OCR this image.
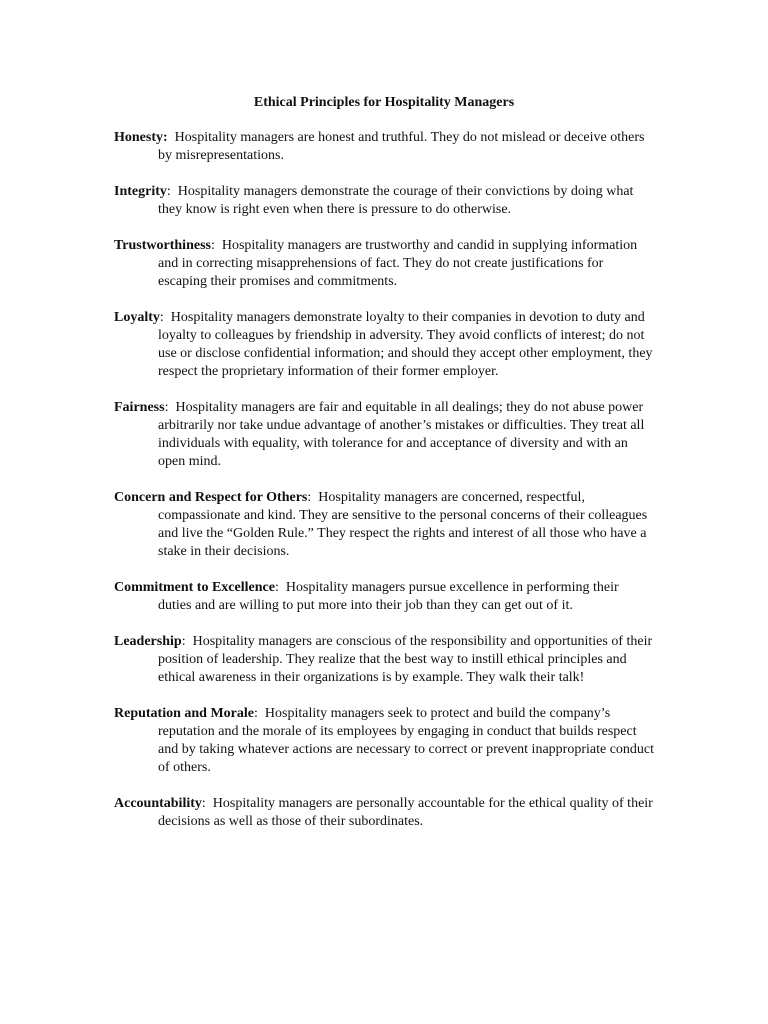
Ethical Principles for Hospitality Managers
Honesty: Hospitality managers are honest and truthful. They do not mislead or deceive others by misrepresentations.
Integrity:  Hospitality managers demonstrate the courage of their convictions by doing what they know is right even when there is pressure to do otherwise.
Trustworthiness:  Hospitality managers are trustworthy and candid in supplying information and in correcting misapprehensions of fact. They do not create justifications for escaping their promises and commitments.
Loyalty:  Hospitality managers demonstrate loyalty to their companies in devotion to duty and loyalty to colleagues by friendship in adversity. They avoid conflicts of interest; do not use or disclose confidential information; and should they accept other employment, they respect the proprietary information of their former employer.
Fairness:  Hospitality managers are fair and equitable in all dealings; they do not abuse power arbitrarily nor take undue advantage of another’s mistakes or difficulties. They treat all individuals with equality, with tolerance for and acceptance of diversity and with an open mind.
Concern and Respect for Others:  Hospitality managers are concerned, respectful, compassionate and kind. They are sensitive to the personal concerns of their colleagues and live the “Golden Rule.” They respect the rights and interest of all those who have a stake in their decisions.
Commitment to Excellence:  Hospitality managers pursue excellence in performing their duties and are willing to put more into their job than they can get out of it.
Leadership:  Hospitality managers are conscious of the responsibility and opportunities of their position of leadership. They realize that the best way to instill ethical principles and ethical awareness in their organizations is by example. They walk their talk!
Reputation and Morale:  Hospitality managers seek to protect and build the company’s reputation and the morale of its employees by engaging in conduct that builds respect and by taking whatever actions are necessary to correct or prevent inappropriate conduct of others.
Accountability:  Hospitality managers are personally accountable for the ethical quality of their decisions as well as those of their subordinates.
